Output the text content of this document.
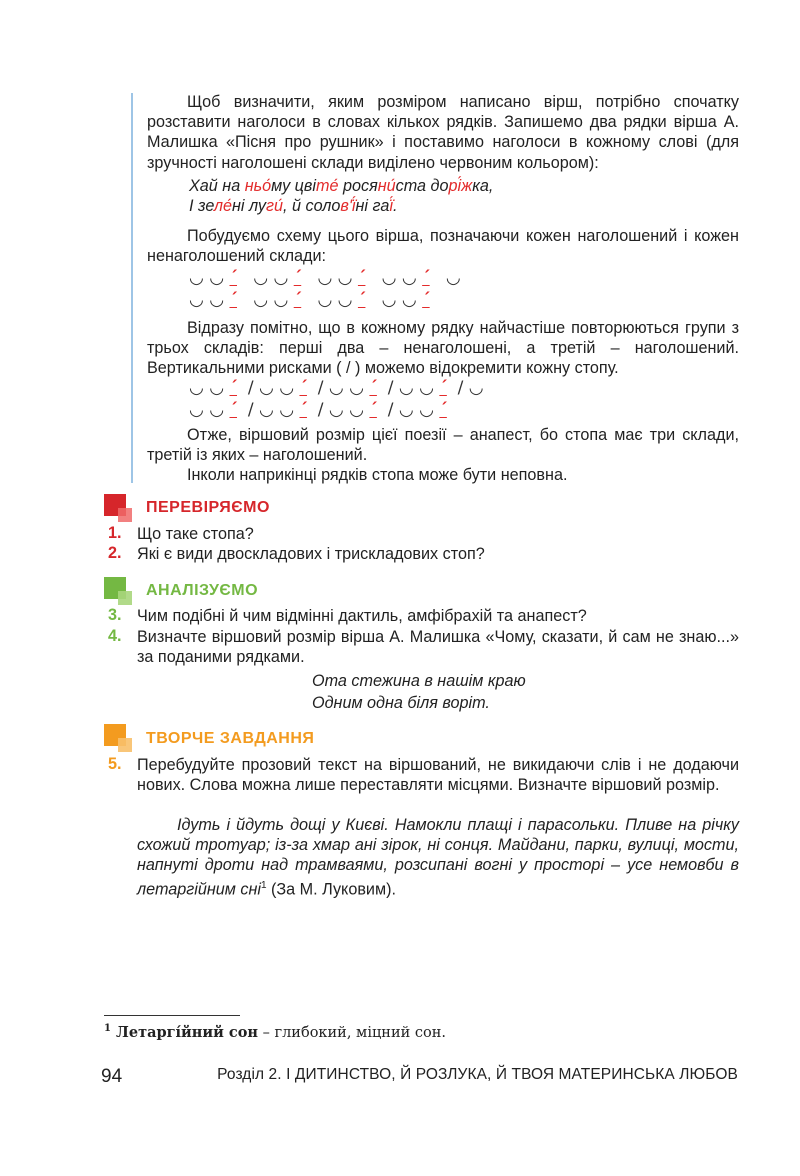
Щоб визначити, яким розміром написано вірш, потрібно спочатку розставити наголоси в словах кількох рядків. Запишемо два рядки вірша А. Малишка «Пісня про рушник» і поставимо наголоси в кожному слові (для зручності наголошені склади виділено червоним кольором):
Хай на ньо́му цвіте́ росяни́ста дорі́жка,
І зеле́ні луги́, й солов'ї́ні гаї́.
Побудуємо схему цього вірша, позначаючи кожен наголошений і кожен ненаголошений склади:
◡ ◡ ΄ ◡ ◡ ΄ ◡ ◡ ΄ ◡ ◡ ΄   ◡
◡ ◡ ΄ ◡ ◡ ΄ ◡ ◡ ΄ ◡ ◡ ΄
Відразу помітно, що в кожному рядку найчастіше повторюються групи з трьох складів: перші два – ненаголошені, а третій – наголошений. Вертикальними рисками ( / ) можемо відокремити кожну стопу.
◡ ◡ ΄ / ◡ ◡ ΄ / ◡ ◡ ΄ / ◡ ◡ ΄ / ◡
◡ ◡ ΄ / ◡ ◡ ΄ / ◡ ◡ ΄ / ◡ ◡ ΄
Отже, віршовий розмір цієї поезії – анапест, бо стопа має три склади, третій із яких – наголошений.
Інколи наприкінці рядків стопа може бути неповна.
ПЕРЕВІРЯЄМО
1. Що таке стопа?
2. Які є види двоскладових і трискладових стоп?
АНАЛІЗУЄМО
3. Чим подібні й чим відмінні дактиль, амфібрахій та анапест?
4. Визначте віршовий розмір вірша А. Малишка «Чому, сказати, й сам не знаю...» за поданими рядками.
Ота стежина в нашім краю
Одним одна біля воріт.
ТВОРЧЕ ЗАВДАННЯ
5. Перебудуйте прозовий текст на віршований, не викидаючи слів і не додаючи нових. Слова можна лише переставляти місцями. Визначте віршовий розмір.
Ідуть і йдуть дощі у Києві. Намокли плащі і парасольки. Пливе на річку схожий тротуар; із-за хмар ані зірок, ні сонця. Майдани, парки, вулиці, мости, напнуті дроти над трамваями, розсипані вогні у просторі – усе немовби в летаргійним сні$^1$ (За М. Луковим).
$^1$ Летаргі́йний сон – глибокий, міцний сон.
94	Розділ 2. І ДИТИНСТВО, Й РОЗЛУКА, Й ТВОЯ МАТЕРИНСЬКА ЛЮБОВ
